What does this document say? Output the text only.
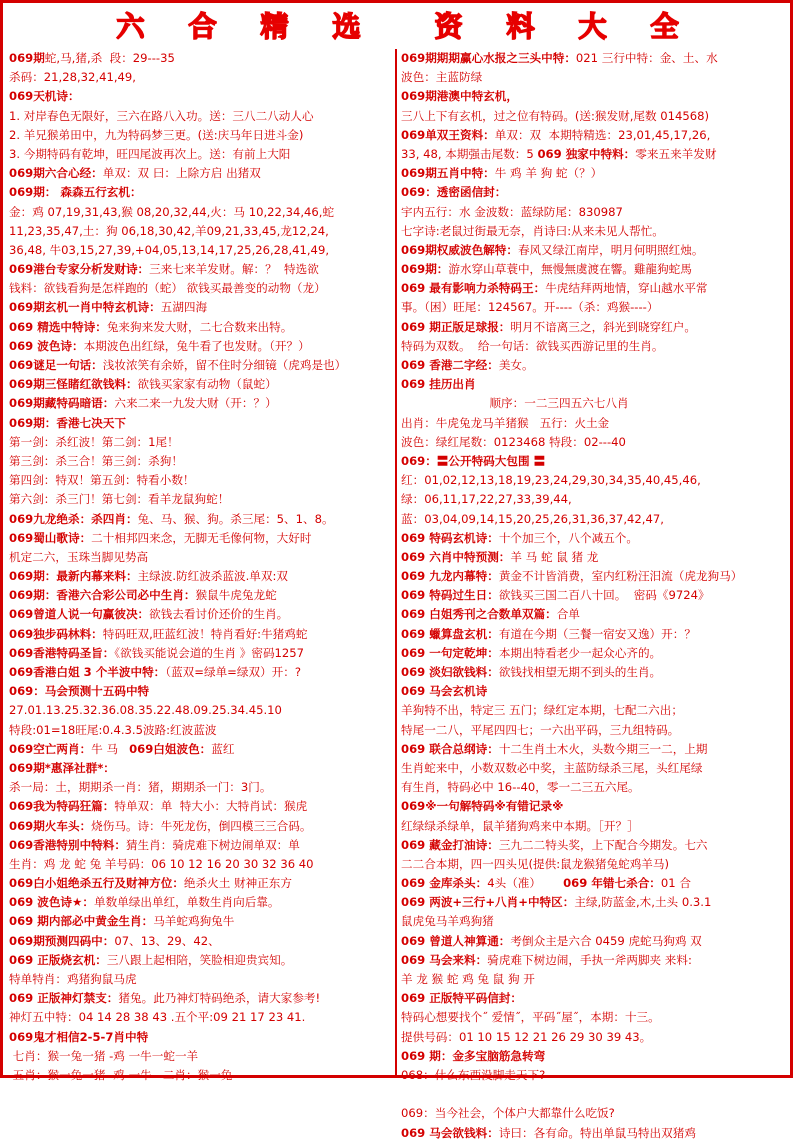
六 合 精 选	资 料 大 全
069期蛇,马,猪,杀  段：29---35
杀码：21,28,32,41,49,
069天机诗：
1. 对岸春色无限好，三六在路八入功。送：三八二八动人心
2. 羊兄猴弟田中，九为特码梦三更。(送:庆马年日进斗金)
3. 今期特码有乾坤，旺四尾波再次上。送：有前上大阳
069期六合心经：单双：双 曰：上除方启 出猪双
069期： 森森五行玄机：
金：鸡 07,19,31,43,猴 08,20,32,44,火：马 10,22,34,46,蛇
11,23,35,47,土：狗 06,18,30,42,羊09,21,33,45,龙12,24,
36,48, 牛03,15,27,39,+04,05,13,14,17,25,26,28,41,49,
069港台专家分析发财诗：三来七来羊发财。解：？  特选欲
钱料：欲钱看狗是怎样跑的（蛇） 欲钱买最善变的动物（龙）
069期玄机一肖中特玄机诗：五湖四海
069 精选中特诗：兔来狗来发大财，二七合数来出特。
069 波色诗：本期波色出红绿，兔牛看了也发财。（开？）
069谜足一句话：浅妆浓笑有余娇，留不住时分细镜（虎鸡是也）
069期三怪睹红欲钱料：欲钱买家家有动物（鼠蛇）
069期藏特码暗语：六来二来一九发大财（开：？）
069期：香港七决天下
第一剑：杀红波！第二剑：1尾！
第三剑：杀三合！第三剑：杀狗！
第四剑：特双！第五剑：特看小数！
第六剑：杀三门！第七剑：看羊龙鼠狗蛇！
069九龙绝杀：杀四肖：兔、马、猴、狗。杀三尾：5、1、8。
069蜀山歌诗：二十相邦四来念，无脚无毛像何物，大好时
机定二六，玉珠当脚见势高
069期：最新内幕来料：主绿波.防红波杀蓝波.单双:双
069期：香港六合彩公司必中生肖：猴鼠牛虎兔龙蛇
069曾道人说一句赢彼决：欲钱去看讨价还价的生肖。
069独步码林料：特码旺双,旺蓝红波！特肖看好:牛猪鸡蛇
069香港特码圣旨：《欲钱买能说会道的生肖 》密码1257
069香港白姐 3 个半波中特：（蓝双=绿单=绿双）开：?
069：马会预测十五码中特
27.01.13.25.32.36.08.35.22.48.09.25.34.45.10
特段:01=18旺尾:0.4.3.5波路:红波蓝波
069空亡两肖：牛 马   069白姐波色：蓝红
069期*惠泽社群*：
杀一局：土，期期杀一肖：猪，期期杀一门：3门。
069我为特码狂篇：特单双：单  特大小：大特肖试：猴虎
069期火车头：烧伤马。诗：牛死龙伤，倒四模三三合码。
069香港特别中特料：猜生肖：骑虎难下树边闹单双：单
生肖：鸡 龙 蛇 兔 羊号码：06 10 12 16 20 30 32 36 40
069白小姐绝杀五行及财神方位：绝杀火土 财神正东方
069 波色诗★：单数单绿出单红，单数生肖向后靠。
069 期内部必中黄金生肖：马羊蛇鸡狗兔牛
069期预测四码中：07、13、29、42、
069 正版烧玄机：三八跟上起相陪，笑脸相迎贵宾知。
特单特肖：鸡猪狗鼠马虎
069 正版神灯禁支：猪兔。此乃神灯特码绝杀，请大家参考!
神灯五中特：04 14 28 38 43 .五个平:09 21 17 23 41.
069鬼才相信2-5-7肖中特
七肖：猴一兔一猪 -鸡 一牛一蛇一羊
五肖：猴一兔一猪 -鸡 一牛   二肖：猴一兔
069期期期赢心水报之三头中特：021 三行中特：金、土、水
波色：主蓝防绿
069期港澳中特玄机，
三八上下有玄机，过之位有特码。(送:猴发财,尾数 014568)
069单双王资料：单双：双  本期特精选：23,01,45,17,26,
33, 48, 本期强击尾数：5 069 独家中特料：零来五来羊发财
069期五肖中特：牛 鸡 羊 狗 蛇（？）
069：透密函信封：
宇内五行：水 金波数：蓝绿防尾：830987
七字诗:老鼠过街最无奈，肖诗曰:从来未见人帮忙。
069期权威波色解特：春风又绿江南岸，明月何明照红烛。
069期：游水穿山草蓑中，無慢無虞渡在響。雞龍狗蛇馬
069 最有影响力杀特码王：牛虎结拜两地情，穿山越水平常
事。（困）旺尾：124567。开----（杀：鸡猴----）
069 期正版足球报：明月不谙离三之，斜光到晓穿红户。
特码为双数。  给一句话：欲钱买西游记里的生肖。
069 香港二字经：美女。
069 挂历出肖
顺序：一二三四五六七八肖
出肖：牛虎兔龙马羊猪猴   五行：火土金
波色：绿红尾数：0123468 特段：02---40
069：〓公开特码大包围 〓
红：01,02,12,13,18,19,23,24,29,30,34,35,40,45,46,
绿：06,11,17,22,27,33,39,44,
蓝：03,04,09,14,15,20,25,26,31,36,37,42,47,
069 特码玄机诗：十个加三个，八个减五个。
069 六肖中特预测：羊 马 蛇 鼠 猪 龙
069 九龙内幕特：黄金不计皆消费，室内红粉汪汨流（虎龙狗马）
069 特码过生日：欲钱买三国二百八十回。  密码《9724》
069 白姐秀刊之合数单双篇：合单
069 蠟算盘玄机：有道在今期（三餐一宿安又逸）开：？
069 一句定乾坤：本期出特看老少一起众心齐的。
069 淡妇欲钱料：欲钱找相望无期不到头的生肖。
069 马会玄机诗
羊狗特不出，特定三 五门；绿红定本期，七配二六出；
特尾一二八，平尾四四七；一六出平码，三九组特码。
069 联合总纲诗：十二生肖土木火，头数今期三一二，上期
生肖蛇来中，小数双数必中奖，主蓝防绿杀三尾，头红尾绿
有生肖，特码必中 16--40，零一二三五六尾。
069※一句解特码※有错记录※
红绿绿杀绿单，鼠羊猪狗鸡来中本期。［开？］
069 藏金打油诗：三九二二特头奖，上下配合今期发。七六
二二合本期，四一四头见(提供:鼠龙猴猪兔蛇鸡羊马)
069 金库杀头：4头（准）      069 年错七杀合：01 合
069 两波+三行+八肖+中特区：主绿,防蓝金,木,土头 0.3.1
鼠虎兔马羊鸡狗猪
069 曾道人神算通：考倒众主是六合 0459 虎蛇马狗鸡 双
069 马会来料：骑虎难下树边闹，手执一斧两脚夹 来料:
羊 龙 猴 蛇 鸡 兔 鼠 狗 开
069 正版特平码信封：
特码心想要找个˝ 爱情˝，平码˝屋˝，本期：十三。
提供号码：01 10 15 12 21 26 29 30 39 43。
069 期：金多宝脑筋急转弯
068：什么东西没脚走天下?
069：当今社会，个体户大都靠什么吃饭?
069 马会欲钱料：诗曰：各有命。特出单鼠马特出双猪鸡
